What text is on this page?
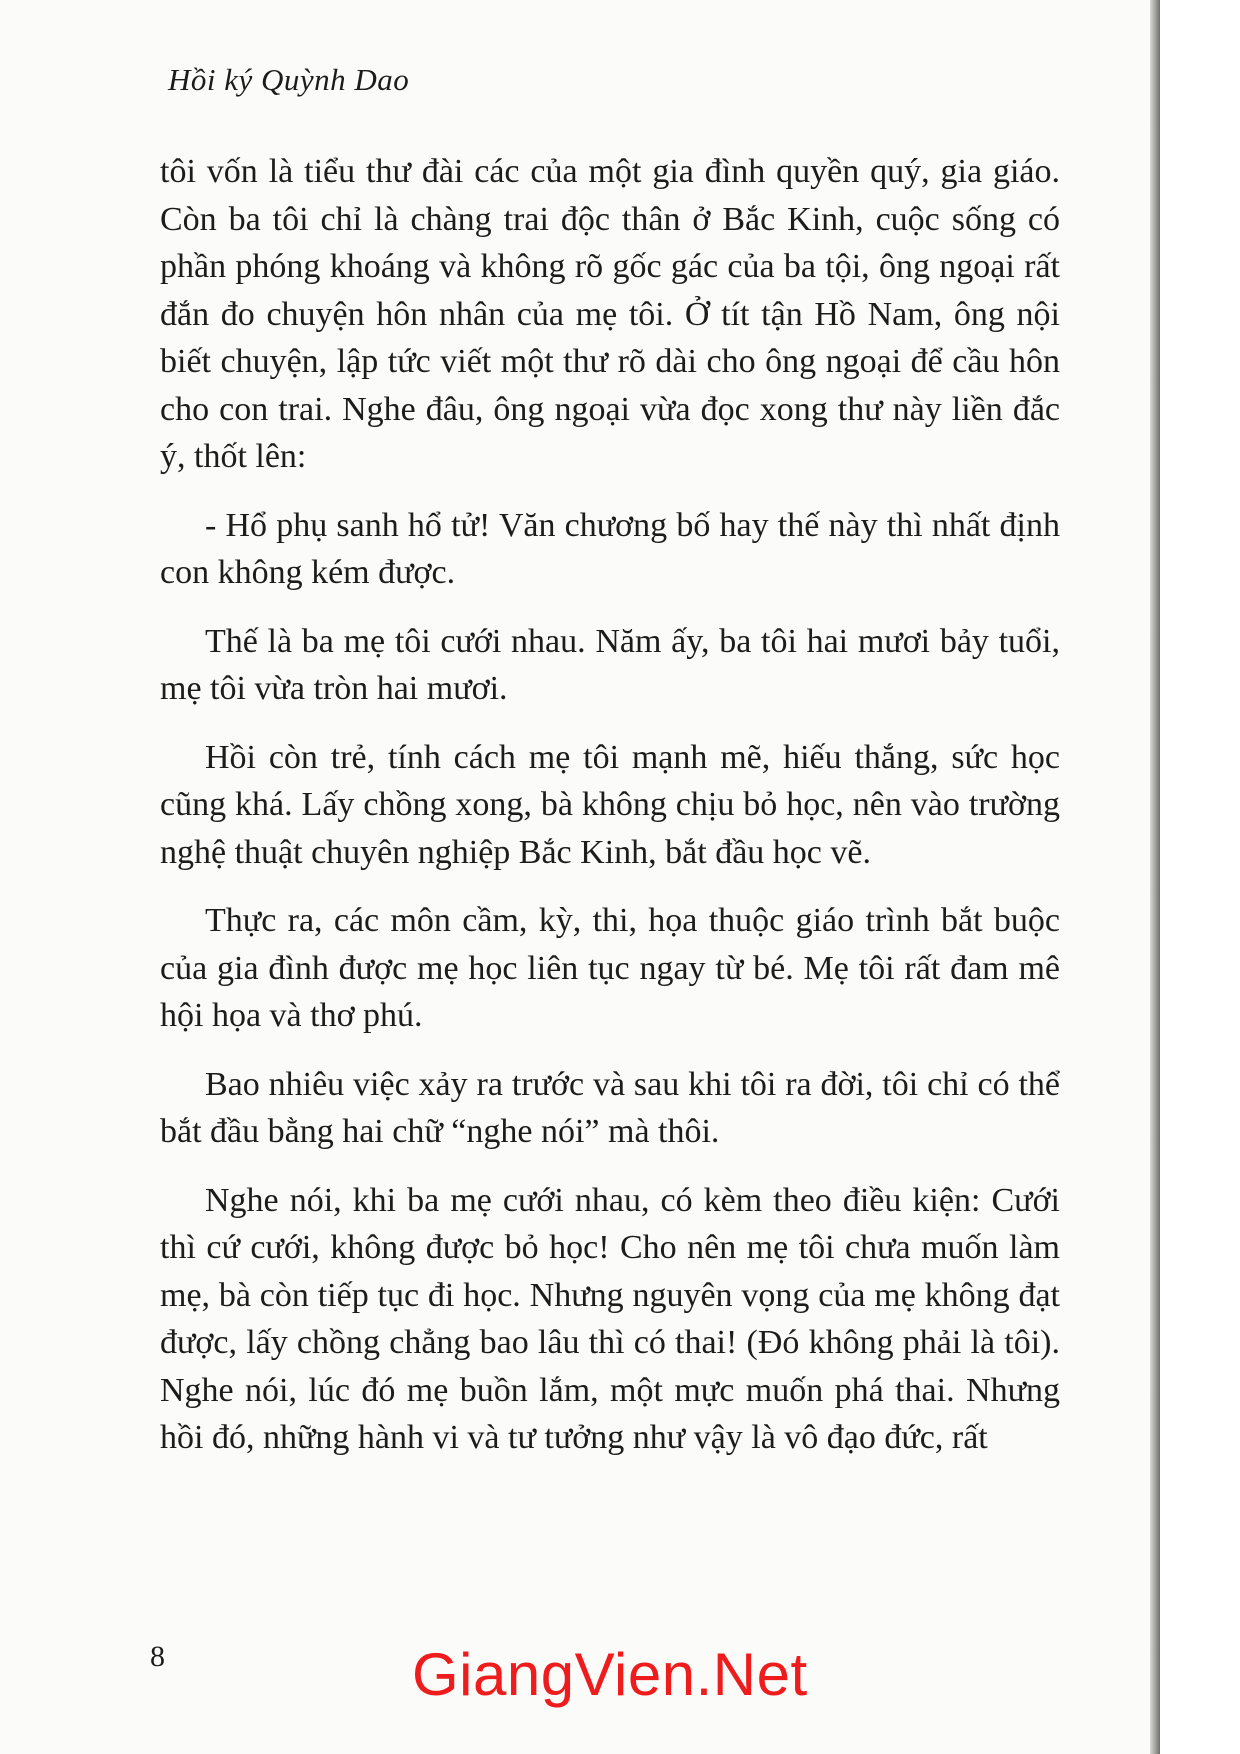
Hồi ký Quỳnh Dao

tôi vốn là tiểu thư đài các của một gia đình quyền quý, gia giáo. Còn ba tôi chỉ là chàng trai độc thân ở Bắc Kinh, cuộc sống có phần phóng khoáng và không rõ gốc gác của ba tội, ông ngoại rất đắn đo chuyện hôn nhân của mẹ tôi. Ở tít tận Hồ Nam, ông nội biết chuyện, lập tức viết một thư rõ dài cho ông ngoại để cầu hôn cho con trai. Nghe đâu, ông ngoại vừa đọc xong thư này liền đắc ý, thốt lên:

- Hổ phụ sanh hổ tử! Văn chương bố hay thế này thì nhất định con không kém được.

Thế là ba mẹ tôi cưới nhau. Năm ấy, ba tôi hai mươi bảy tuổi, mẹ tôi vừa tròn hai mươi.

Hồi còn trẻ, tính cách mẹ tôi mạnh mẽ, hiếu thắng, sức học cũng khá. Lấy chồng xong, bà không chịu bỏ học, nên vào trường nghệ thuật chuyên nghiệp Bắc Kinh, bắt đầu học vẽ.

Thực ra, các môn cầm, kỳ, thi, họa thuộc giáo trình bắt buộc của gia đình được mẹ học liên tục ngay từ bé. Mẹ tôi rất đam mê hội họa và thơ phú.

Bao nhiêu việc xảy ra trước và sau khi tôi ra đời, tôi chỉ có thể bắt đầu bằng hai chữ “nghe nói” mà thôi.

Nghe nói, khi ba mẹ cưới nhau, có kèm theo điều kiện: Cưới thì cứ cưới, không được bỏ học! Cho nên mẹ tôi chưa muốn làm mẹ, bà còn tiếp tục đi học. Nhưng nguyên vọng của mẹ không đạt được, lấy chồng chẳng bao lâu thì có thai! (Đó không phải là tôi). Nghe nói, lúc đó mẹ buồn lắm, một mực muốn phá thai. Nhưng hồi đó, những hành vi và tư tưởng như vậy là vô đạo đức, rất

8	GiangVien.Net
